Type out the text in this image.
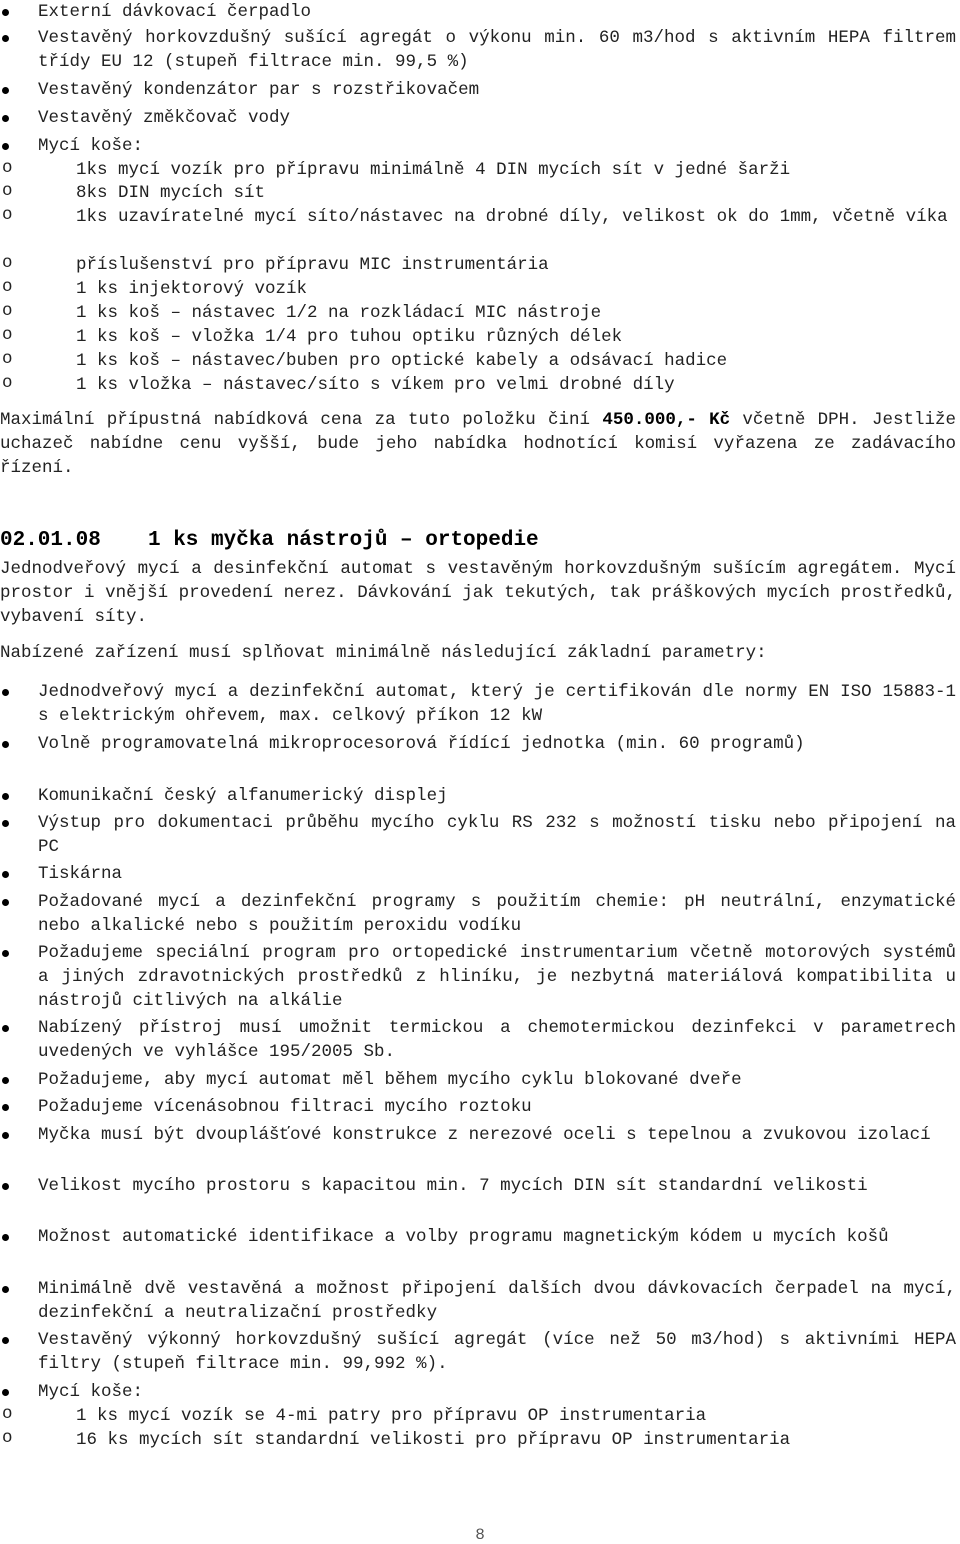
Externí dávkovací čerpadlo
Vestavěný horkovzdušný sušící agregát o výkonu min. 60 m3/hod s aktivním HEPA filtrem třídy EU 12 (stupeň filtrace min. 99,5 %)
Vestavěný kondenzátor par s rozstřikovačem
Vestavěný změkčovač vody
Mycí koše:
o	1ks mycí vozík pro přípravu minimálně 4 DIN mycích sít v jedné šarži
o	8ks DIN mycích sít
o	1ks uzavíratelné mycí síto/nástavec na drobné díly, velikost ok do 1mm, včetně víka
o	příslušenství pro přípravu MIC instrumentária
o	1 ks injektorový vozík
o	1 ks koš – nástavec 1/2 na rozkládací MIC nástroje
o	1 ks koš – vložka 1/4 pro tuhou optiku různých délek
o	1 ks koš – nástavec/buben pro optické kabely a odsávací hadice
o	1 ks vložka – nástavec/síto s víkem pro velmi drobné díly
Maximální přípustná nabídková cena za tuto položku činí 450.000,- Kč včetně DPH. Jestliže uchazeč nabídne cenu vyšší, bude jeho nabídka hodnotící komisí vyřazena ze zadávacího řízení.
02.01.08 1 ks myčka nástrojů – ortopedie
Jednodveřový mycí a desinfekční automat s vestavěným horkovzdušným sušícím agregátem. Mycí prostor i vnější provedení nerez. Dávkování jak tekutých, tak práškových mycích prostředků, vybavení síty.
Nabízené zařízení musí splňovat minimálně následující základní parametry:
Jednodveřový mycí a dezinfekční automat, který je certifikován dle normy EN ISO 15883-1 s elektrickým ohřevem, max. celkový příkon 12 kW
Volně programovatelná mikroprocesorová řídící jednotka (min. 60 programů)
Komunikační český alfanumerický displej
Výstup pro dokumentaci průběhu mycího cyklu RS 232 s možností tisku nebo připojení na PC
Tiskárna
Požadované mycí a dezinfekční programy s použitím chemie: pH neutrální, enzymatické nebo alkalické nebo s použitím peroxidu vodíku
Požadujeme speciální program pro ortopedické instrumentarium včetně motorových systémů a jiných zdravotnických prostředků z hliníku, je nezbytná materiálová kompatibilita u nástrojů citlivých na alkálie
Nabízený přístroj musí umožnit termickou a chemotermickou dezinfekci v parametrech uvedených ve vyhlášce 195/2005 Sb.
Požadujeme, aby mycí automat měl během mycího cyklu blokované dveře
Požadujeme vícenásobnou filtraci mycího roztoku
Myčka musí být dvouplášťové konstrukce z nerezové oceli s tepelnou a zvukovou izolací
Velikost mycího prostoru s kapacitou min. 7 mycích DIN sít standardní velikosti
Možnost automatické identifikace a volby programu magnetickým kódem u mycích košů
Minimálně dvě vestavěná a možnost připojení dalších dvou dávkovacích čerpadel na mycí, dezinfekční a neutralizační prostředky
Vestavěný výkonný horkovzdušný sušící agregát (více než 50 m3/hod) s aktivními HEPA filtry (stupeň filtrace min. 99,992 %).
Mycí koše:
o	1 ks mycí vozík se 4-mi patry pro přípravu OP instrumentaria
o	16 ks mycích sít standardní velikosti pro přípravu OP instrumentaria
8
